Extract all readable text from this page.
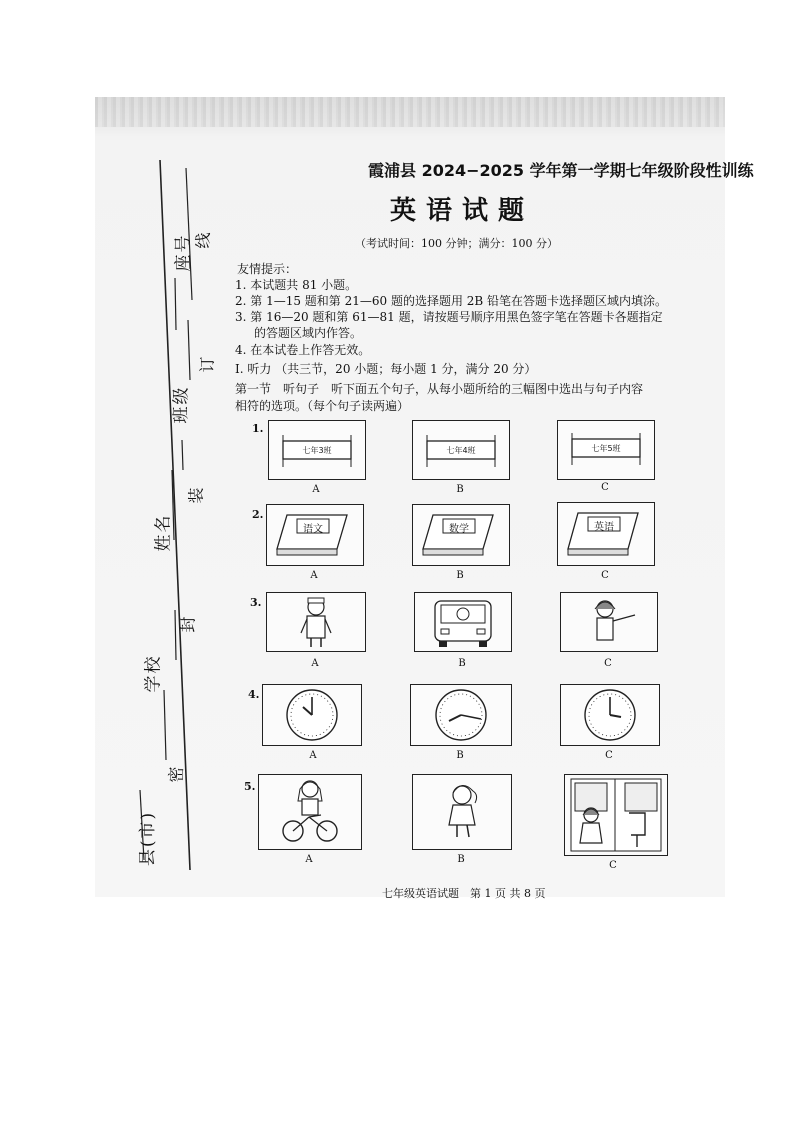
县(市)
学校
姓名
班级
座号 线
订
装
封
密
霞浦县 2024−2025 学年第一学期七年级阶段性训练
英语试题
（考试时间：100 分钟；满分：100 分）
友情提示：
1. 本试题共 81 小题。
2. 第 1—15 题和第 21—60 题的选择题用 2B 铅笔在答题卡选择题区域内填涂。
3. 第 16—20 题和第 61—81 题，请按题号顺序用黑色签字笔在答题卡各题指定
的答题区域内作答。
4. 在本试卷上作答无效。
Ⅰ. 听力 （共三节，20 小题；每小题 1 分，满分 20 分）
第一节　听句子　听下面五个句子，从每小题所给的三幅图中选出与句子内容
相符的选项。（每个句子读两遍）
1.
七年3班
A
七年4班
B
七年5班
C
2.
语文
A
数学
B
英语
C
3.
A	B	C
4.
A	B	C
5.
A	B
C
七年级英语试题　第 1 页 共 8 页
